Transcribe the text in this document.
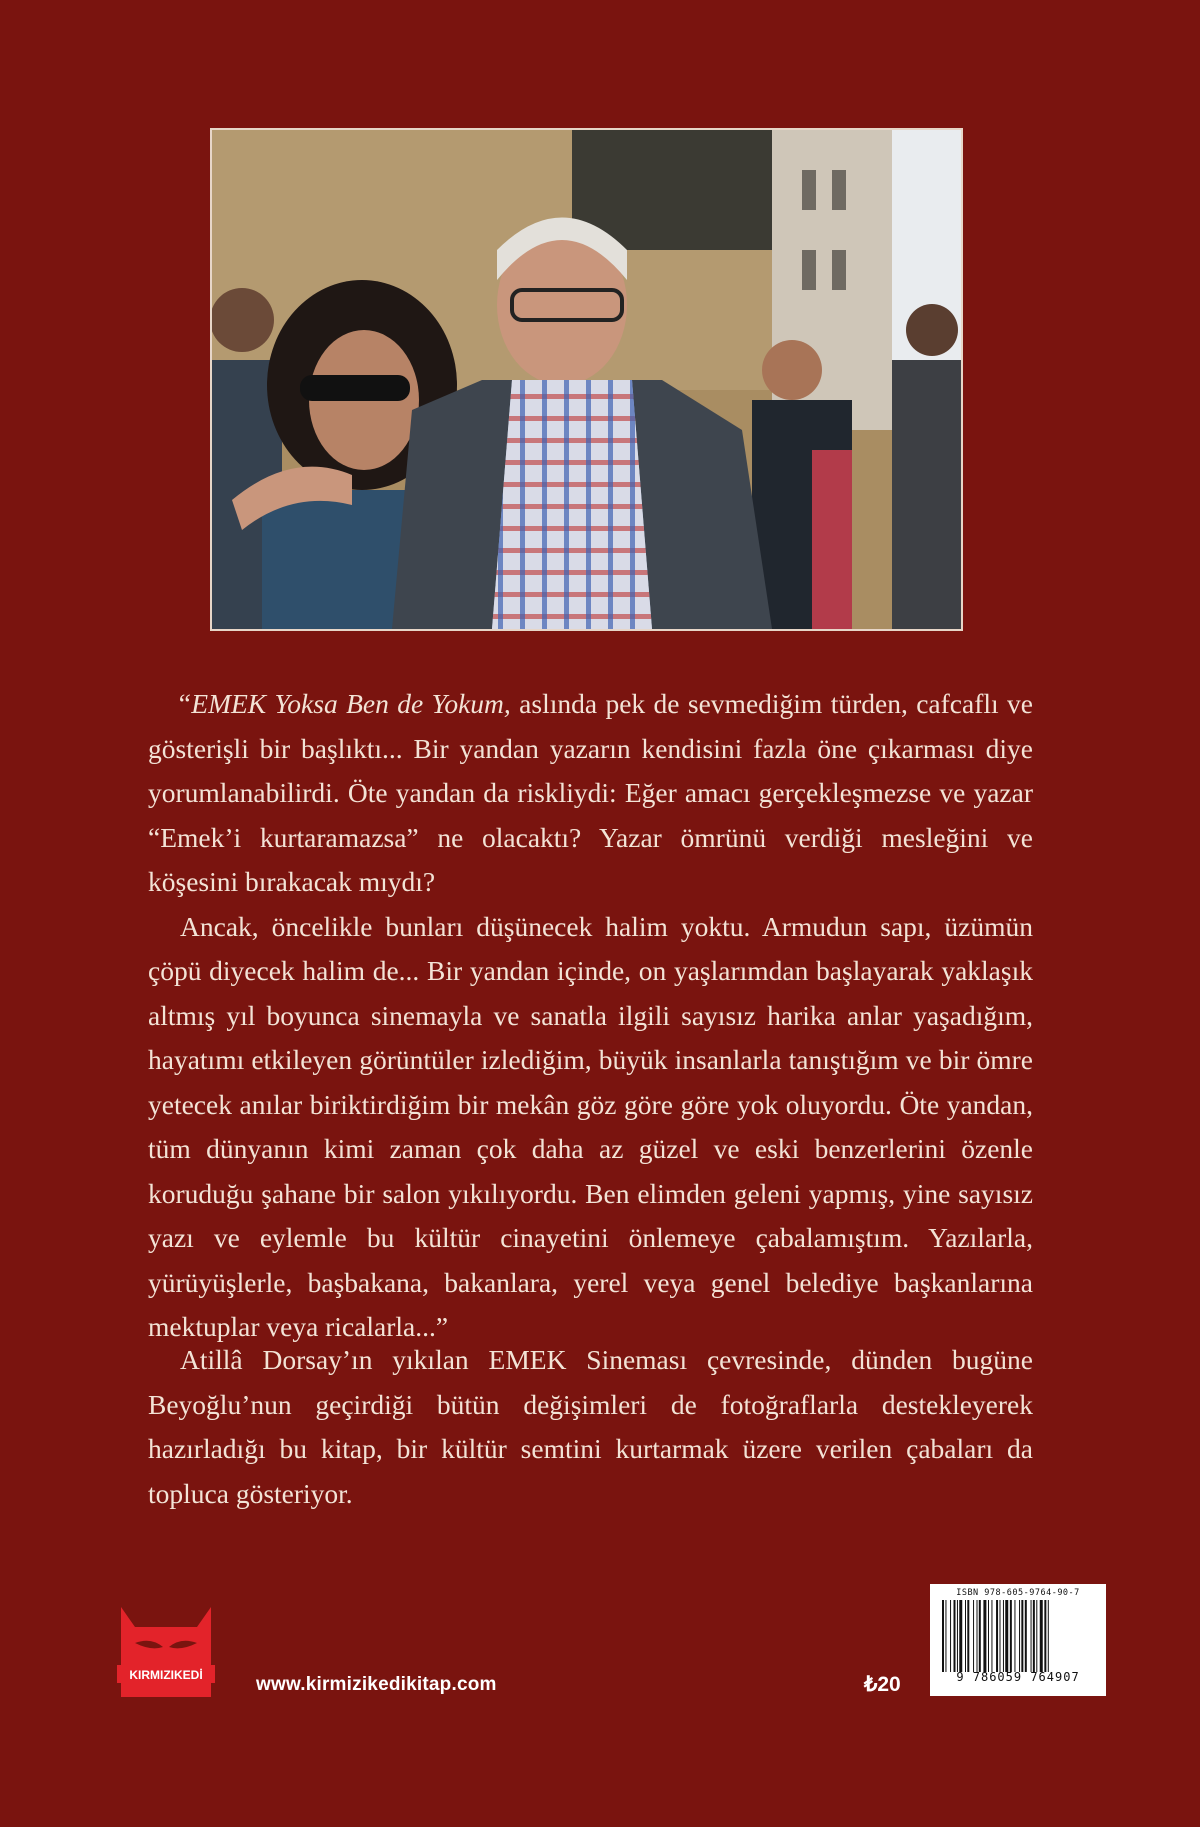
“EMEK Yoksa Ben de Yokum, aslında pek de sevmediğim türden, cafcaflı ve gösterişli bir başlıktı... Bir yandan yazarın kendisini fazla öne çıkarması diye yorumlanabilirdi. Öte yandan da riskliydi: Eğer amacı gerçekleşmezse ve yazar “Emek’i kurtaramazsa” ne olacaktı? Yazar ömrünü verdiği mesleğini ve köşesini bırakacak mıydı?

Ancak, öncelikle bunları düşünecek halim yoktu. Armudun sapı, üzümün çöpü diyecek halim de... Bir yandan içinde, on yaşlarımdan başlayarak yaklaşık altmış yıl boyunca sinemayla ve sanatla ilgili sayısız harika anlar yaşadığım, hayatımı etkileyen görüntüler izlediğim, büyük insanlarla tanıştığım ve bir ömre yetecek anılar biriktirdiğim bir mekân göz göre göre yok oluyordu. Öte yandan, tüm dünyanın kimi zaman çok daha az güzel ve eski benzerlerini özenle koruduğu şahane bir salon yıkılıyordu. Ben elimden geleni yapmış, yine sayısız yazı ve eylemle bu kültür cinayetini önlemeye çabalamıştım. Yazılarla, yürüyüşlerle, başbakana, bakanlara, yerel veya genel belediye başkanlarına mektuplar veya ricalarla...”

Atillâ Dorsay’ın yıkılan EMEK Sineması çevresinde, dünden bugüne Beyoğlu’nun geçirdiği bütün değişimleri de fotoğraflarla destekleyerek hazırladığı bu kitap, bir kültür semtini kurtarmak üzere verilen çabaları da topluca gösteriyor.

KIRMIZIKEDİ	www.kirmizikedikitap.com	₺20
ISBN 978-605-9764-90-7
9 786059 764907
